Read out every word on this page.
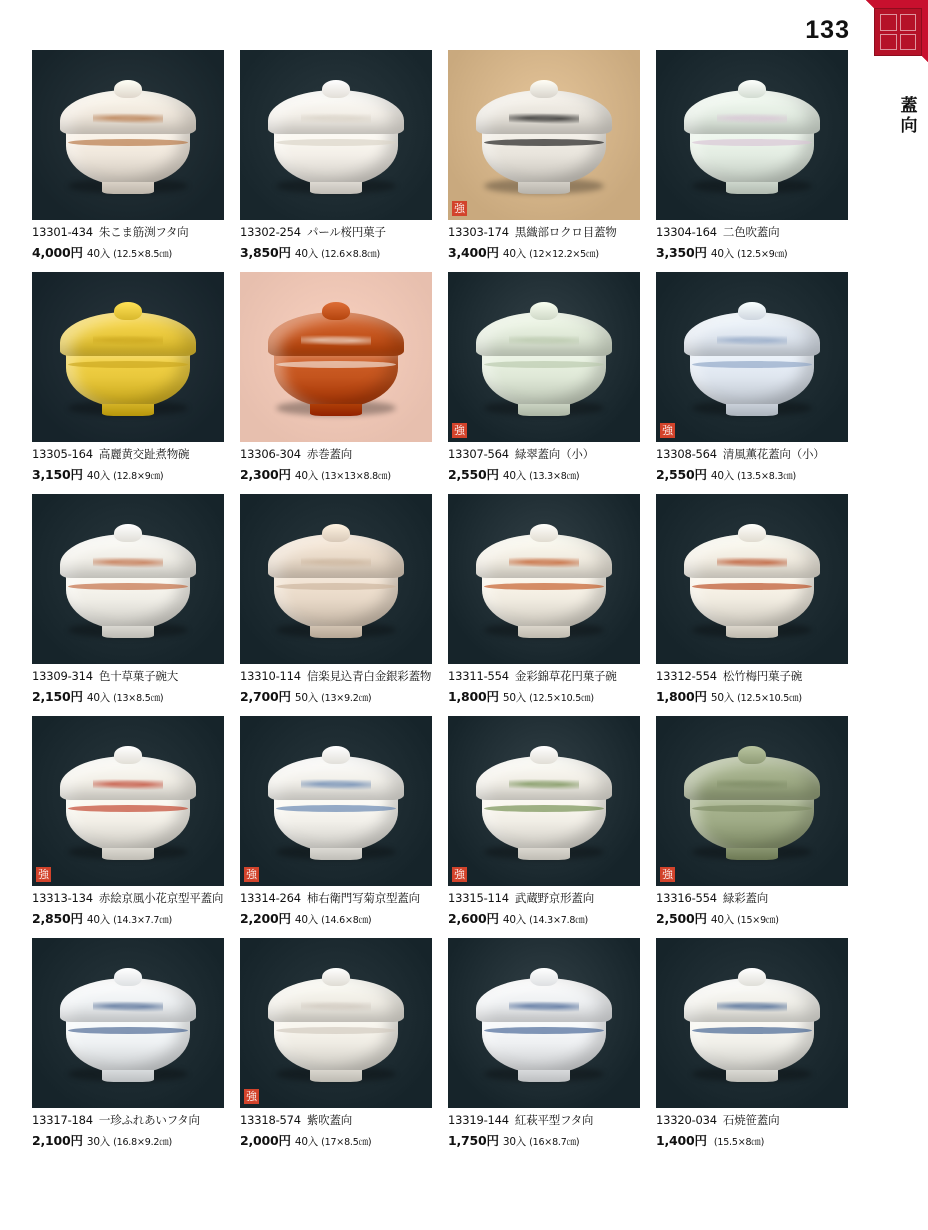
133
蓋
向
13301-434 朱こま筋渕フタ向
4,000円 40入 (12.5×8.5㎝)
13302-254 パール桜円菓子
3,850円 40入 (12.6×8.8㎝)
強
13303-174 黒織部ロクロ目蓋物
3,400円 40入 (12×12.2×5㎝)
13304-164 二色吹蓋向
3,350円 40入 (12.5×9㎝)
13305-164 高麗黄交趾煮物碗
3,150円 40入 (12.8×9㎝)
13306-304 赤巻蓋向
2,300円 40入 (13×13×8.8㎝)
強
13307-564 緑翠蓋向（小）
2,550円 40入 (13.3×8㎝)
強
13308-564 清風薫花蓋向（小）
2,550円 40入 (13.5×8.3㎝)
13309-314 色十草菓子碗大
2,150円 40入 (13×8.5㎝)
13310-114 信楽見込青白金銀彩蓋物
2,700円 50入 (13×9.2㎝)
13311-554 金彩錦草花円菓子碗
1,800円 50入 (12.5×10.5㎝)
13312-554 松竹梅円菓子碗
1,800円 50入 (12.5×10.5㎝)
強
13313-134 赤絵京風小花京型平蓋向
2,850円 40入 (14.3×7.7㎝)
強
13314-264 柿右衛門写菊京型蓋向
2,200円 40入 (14.6×8㎝)
強
13315-114 武蔵野京形蓋向
2,600円 40入 (14.3×7.8㎝)
強
13316-554 緑彩蓋向
2,500円 40入 (15×9㎝)
13317-184 一珍ふれあいフタ向
2,100円 30入 (16.8×9.2㎝)
強
13318-574 紫吹蓋向
2,000円 40入 (17×8.5㎝)
13319-144 紅萩平型フタ向
1,750円 30入 (16×8.7㎝)
13320-034 石焼笹蓋向
1,400円 (15.5×8㎝)
